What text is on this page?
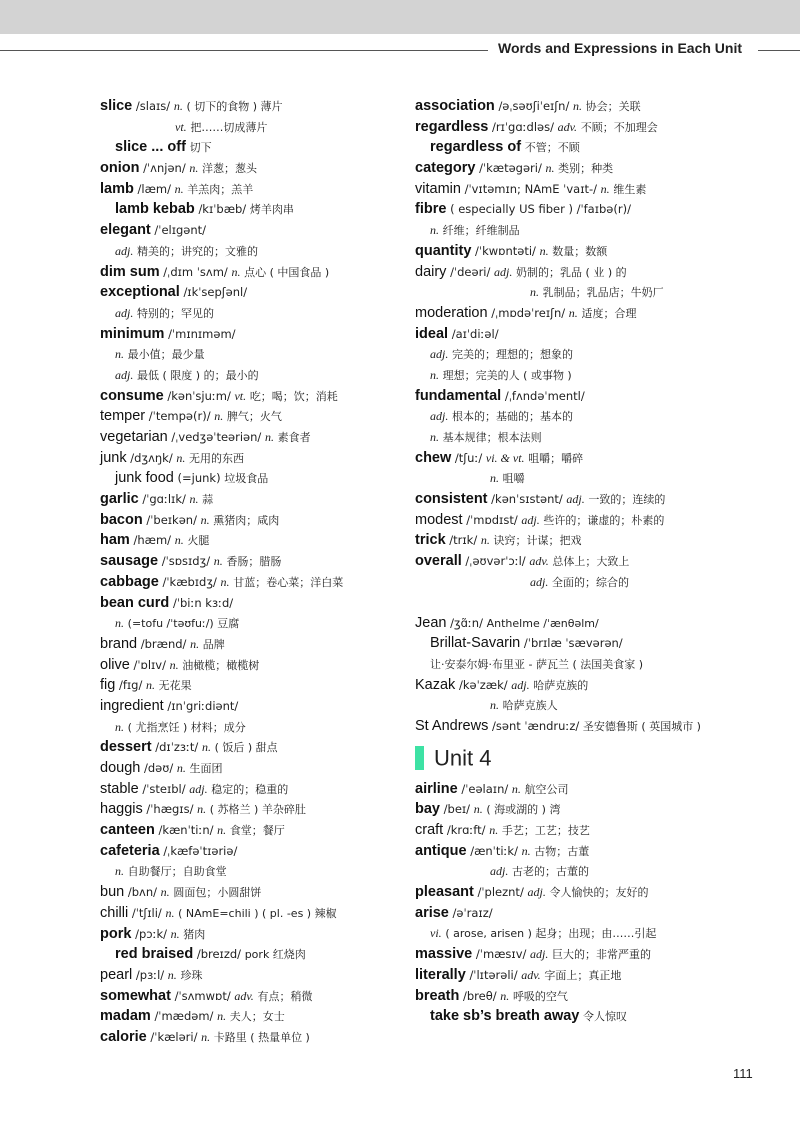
Words and Expressions in Each Unit
slice /slaɪs/ n. ( 切下的食物 ) 薄片
vt. 把……切成薄片
slice ... off 切下
onion /ˈʌnjən/ n. 洋葱；葱头
lamb /læm/ n. 羊羔肉；羔羊
lamb kebab /kɪˈbæb/ 烤羊肉串
elegant /ˈelɪgənt/
adj. 精美的；讲究的；文雅的
dim sum /ˌdɪm ˈsʌm/ n. 点心 ( 中国食品 )
exceptional /ɪkˈsepʃənl/
adj. 特别的；罕见的
minimum /ˈmɪnɪməm/
n. 最小值；最少量
adj. 最低 ( 限度 ) 的；最小的
consume /kənˈsjuːm/ vt. 吃；喝；饮；消耗
temper /ˈtempə(r)/ n. 脾气；火气
vegetarian /ˌvedʒəˈteəriən/ n. 素食者
junk /dʒʌŋk/ n. 无用的东西
junk food (=junk) 垃圾食品
garlic /ˈgɑːlɪk/ n. 蒜
bacon /ˈbeɪkən/ n. 熏猪肉；咸肉
ham /hæm/ n. 火腿
sausage /ˈsɒsɪdʒ/ n. 香肠；腊肠
cabbage /ˈkæbɪdʒ/ n. 甘蓝；卷心菜；洋白菜
bean curd /ˈbiːn kɜːd/
n. (=tofu /ˈtəʊfuː/) 豆腐
brand /brænd/ n. 品牌
olive /ˈɒlɪv/ n. 油橄榄；橄榄树
fig /fɪg/ n. 无花果
ingredient /ɪnˈgriːdiənt/
n. ( 尤指烹饪 ) 材料；成分
dessert /dɪˈzɜːt/ n. ( 饭后 ) 甜点
dough /dəʊ/ n. 生面团
stable /ˈsteɪbl/ adj. 稳定的；稳重的
haggis /ˈhægɪs/ n. ( 苏格兰 ) 羊杂碎肚
canteen /kænˈtiːn/ n. 食堂；餐厅
cafeteria /ˌkæfəˈtɪəriə/
n. 自助餐厅；自助食堂
bun /bʌn/ n. 圆面包；小圆甜饼
chilli /ˈtʃɪli/ n. ( NAmE=chili ) ( pl. -es ) 辣椒
pork /pɔːk/ n. 猪肉
red braised /breɪzd/ pork 红烧肉
pearl /pɜːl/ n. 珍珠
somewhat /ˈsʌmwɒt/ adv. 有点；稍微
madam /ˈmædəm/ n. 夫人；女士
calorie /ˈkæləri/ n. 卡路里 ( 热量单位 )
association /əˌsəʊʃiˈeɪʃn/ n. 协会；关联
regardless /rɪˈgɑːdləs/ adv. 不顾；不加理会
regardless of 不管；不顾
category /ˈkætəgəri/ n. 类别；种类
vitamin /ˈvɪtəmɪn; NAmE ˈvaɪt-/ n. 维生素
fibre ( especially US fiber ) /ˈfaɪbə(r)/
n. 纤维；纤维制品
quantity /ˈkwɒntəti/ n. 数量；数额
dairy /ˈdeəri/ adj. 奶制的；乳品 ( 业 ) 的
n. 乳制品；乳品店；牛奶厂
moderation /ˌmɒdəˈreɪʃn/ n. 适度；合理
ideal /aɪˈdiːəl/
adj. 完美的；理想的；想象的
n. 理想；完美的人 ( 或事物 )
fundamental /ˌfʌndəˈmentl/
adj. 根本的；基础的；基本的
n. 基本规律；根本法则
chew /tʃuː/ vi. & vt. 咀嚼；嚼碎
n. 咀嚼
consistent /kənˈsɪstənt/ adj. 一致的；连续的
modest /ˈmɒdɪst/ adj. 些许的；谦虚的；朴素的
trick /trɪk/ n. 诀窍；计谋；把戏
overall /ˌəʊvərˈɔːl/ adv. 总体上；大致上
adj. 全面的；综合的
Jean /ʒɑ̃ːn/ Anthelme /ˈænθəlm/
Brillat-Savarin /ˈbrɪlæ ˈsævərən/
让·安泰尔姆·布里亚 - 萨瓦兰 ( 法国美食家 )
Kazak /kəˈzæk/ adj. 哈萨克族的
n. 哈萨克族人
St Andrews /sənt ˈændruːz/ 圣安德鲁斯 ( 英国城市 )
Unit 4
airline /ˈeəlaɪn/ n. 航空公司
bay /beɪ/ n. ( 海或湖的 ) 湾
craft /krɑːft/ n. 手艺；工艺；技艺
antique /ænˈtiːk/ n. 古物；古董
adj. 古老的；古董的
pleasant /ˈpleznt/ adj. 令人愉快的；友好的
arise /əˈraɪz/
vi. ( arose, arisen ) 起身；出现；由……引起
massive /ˈmæsɪv/ adj. 巨大的；非常严重的
literally /ˈlɪtərəli/ adv. 字面上；真正地
breath /breθ/ n. 呼吸的空气
take sb’s breath away 令人惊叹
111
